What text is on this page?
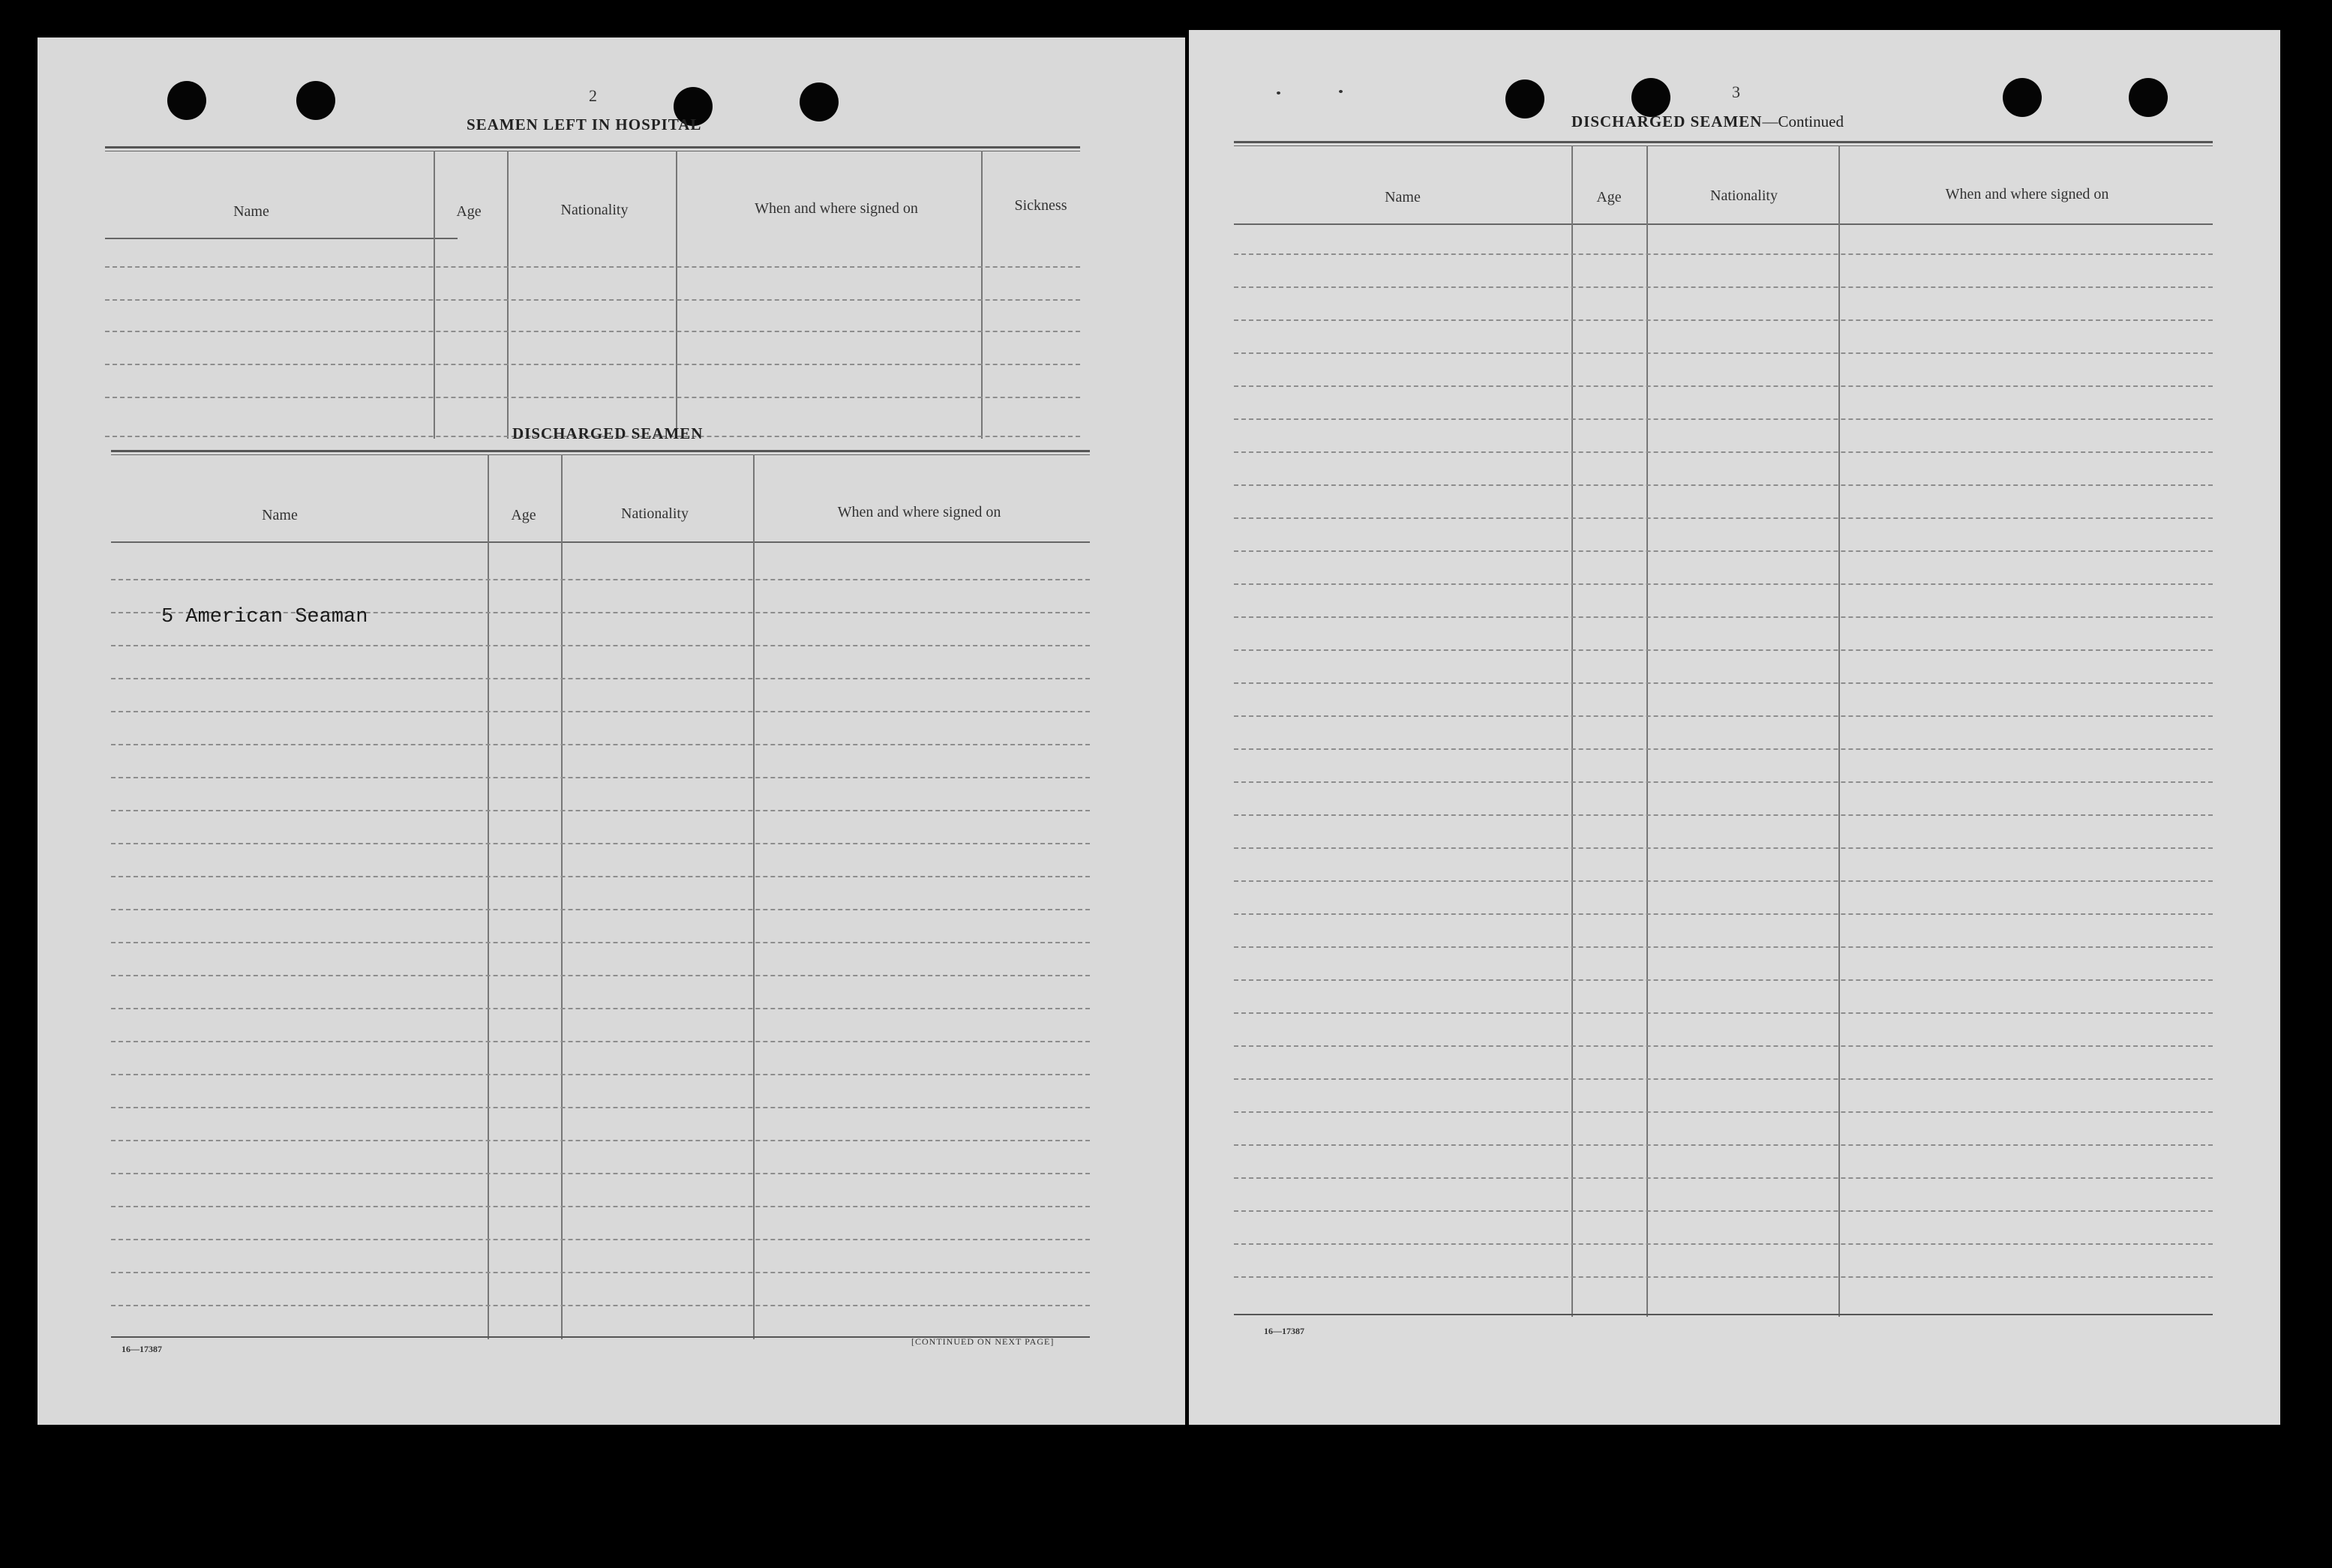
2
SEAMEN LEFT IN HOSPITAL
Name	Age	Nationality	When and where signed on	Sickness
DISCHARGED SEAMEN
Name	Age	Nationality	When and where signed on
5 American Seaman
16—17387
[CONTINUED ON NEXT PAGE]
3
DISCHARGED SEAMEN—Continued
Name	Age	Nationality	When and where signed on
16—17387
